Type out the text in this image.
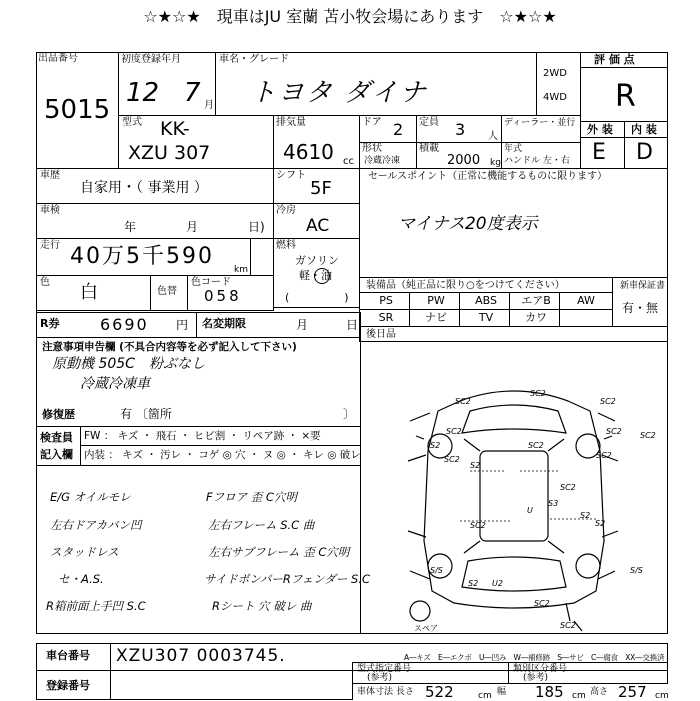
☆★☆★　現車はJU 室蘭 苫小牧会場にあります　☆★☆★
出品番号
5015
初度登録年月
12 7 月
車名・グレード
トヨタ ダイナ
2WD
4WD
評 価 点
R
外 装 内 装
E D
型式 KK-
XZU 307
排気量
4610 cc
ドア 2 定員 3 人
ディーラー・並行
形状
冷蔵冷凍
積載
2000 kg
年式
ハンドル 左・右
車歴
自家用・（ 事業用 ）
シフト
5F
セールスポイント（正常に機能するものに限ります）
マイナス20度表示
車検
年	月	日)
冷房
AC
走行 40万5千590
km
燃料
ガソリン
軽・油
(　　　　　)
色 白	色替
色コード
058
装備品（純正品に限り○をつけてください）	新車保証書
有・無
R券	6690 円 名変期限	月	日
後日品
注意事項申告欄 (不具合内容等を必ず記入して下さい)
原動機 505C　粉ぶなし
冷蔵冷凍車
修復歴	有 〔箇所	〕
検査員
記入欄
FW ： キズ ・ 飛石 ・ ヒビ割 ・ リペア跡 ・ ×要
内装 ： キズ ・ 汚レ ・ コゲ ◎ 穴 ・ ヌ ◎ ・ キレ ◎ 破レ
スペア
A―キズ　E―エクボ　U―凹み　W―補修跡　S―サビ　C―腐食　XX―交換済
車台番号 XZU307 0003745.
登録番号
型式指定番号
(参考)
類別区分番号
(参考)
車体寸法 長さ 522	cm 幅 185 cm 高さ 257 cm
PS	PW	ABS	エアB	AW
SR	ナビ	TV	カワ
E/G オイルモレ
左右ドアカバン凹
スタッドレス
セ・A.S.
R箱前面上手凹 S.C
Fフロア 歪 C穴明
左右フレーム S.C 曲
左右サブフレーム 歪 C穴明
サイドポンパーRフェンダー S.C
Rシート 穴 破レ 曲
SC2
SC2	SC2
SC2
S2
SC2
S3
U
S2
S2
SC2
SC2
S/S	S/S
SC2
U2
S2
S2
SC2
SC2
SC2	SC2
SC2
